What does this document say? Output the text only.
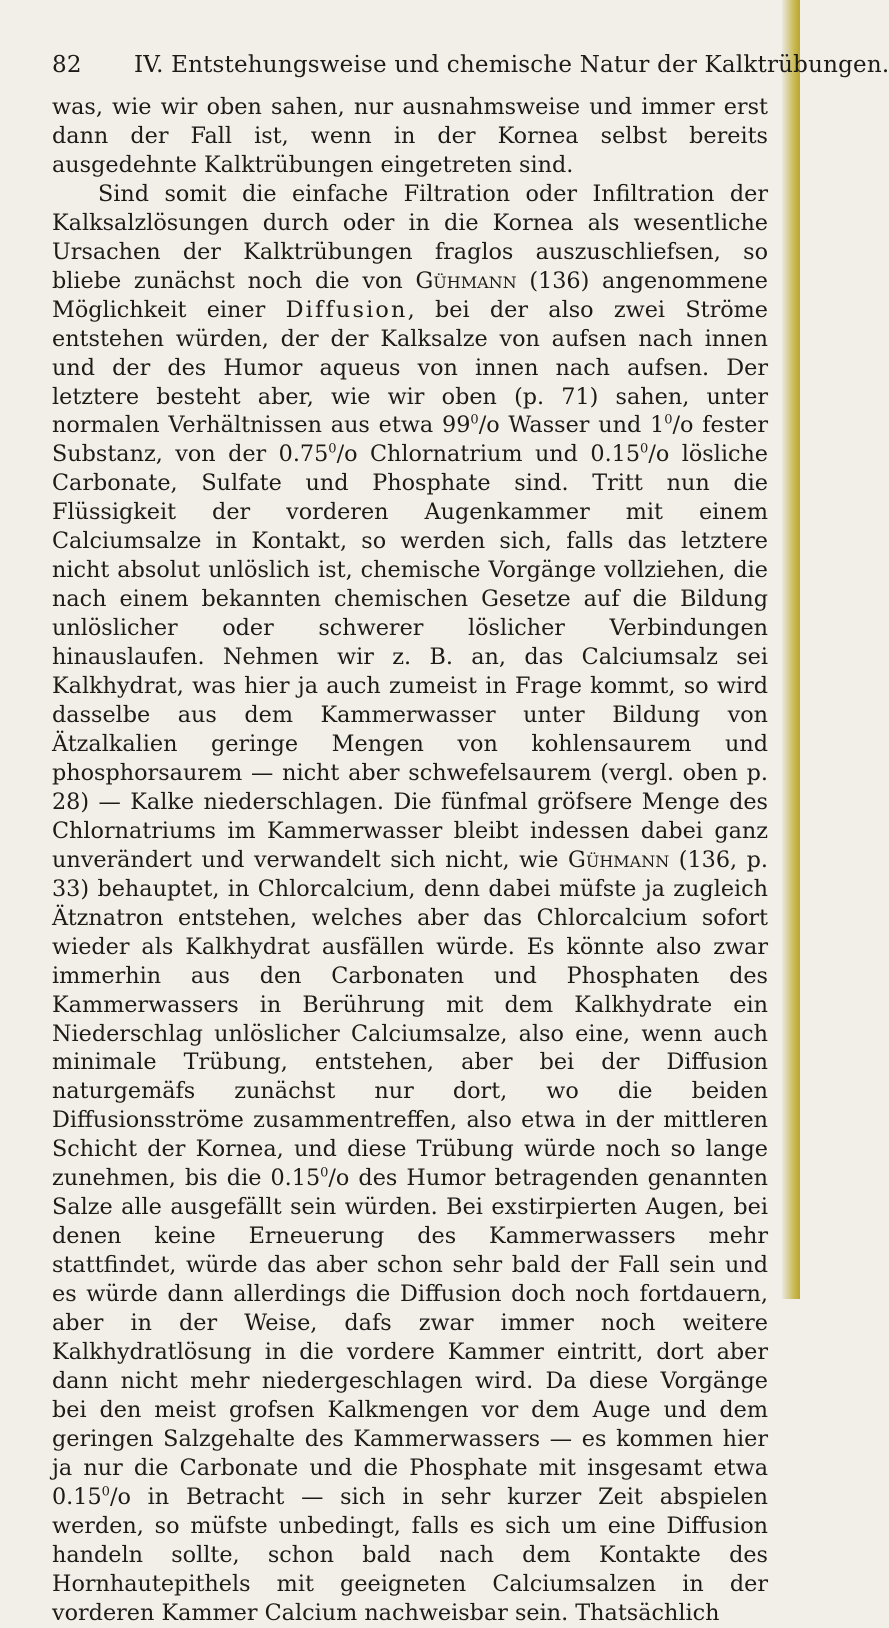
82 IV. Entstehungsweise und chemische Natur der Kalktrübungen.

was, wie wir oben sahen, nur ausnahmsweise und immer erst dann der Fall ist, wenn in der Kornea selbst bereits ausgedehnte Kalktrübungen eingetreten sind.

Sind somit die einfache Filtration oder Infiltration der Kalksalzlösungen durch oder in die Kornea als wesentliche Ursachen der Kalktrübungen fraglos auszuschliefsen, so bliebe zunächst noch die von Gühmann (136) angenommene Möglichkeit einer Diffusion, bei der also zwei Ströme entstehen würden, der der Kalksalze von aufsen nach innen und der des Humor aqueus von innen nach aufsen. Der letztere besteht aber, wie wir oben (p. 71) sahen, unter normalen Verhältnissen aus etwa $99^0/o$ Wasser und $1^0/o$ fester Substanz, von der 0.75$^0$/o Chlornatrium und 0.15$^0$/o lösliche Carbonate, Sulfate und Phosphate sind. Tritt nun die Flüssigkeit der vorderen Augenkammer mit einem Calciumsalze in Kontakt, so werden sich, falls das letztere nicht absolut unlöslich ist, chemische Vorgänge vollziehen, die nach einem bekannten chemischen Gesetze auf die Bildung unlöslicher oder schwerer löslicher Verbindungen hinauslaufen. Nehmen wir z. B. an, das Calciumsalz sei Kalkhydrat, was hier ja auch zumeist in Frage kommt, so wird dasselbe aus dem Kammerwasser unter Bildung von Ätzalkalien geringe Mengen von kohlensaurem und phosphorsaurem — nicht aber schwefelsaurem (vergl. oben p. 28) — Kalke niederschlagen. Die fünfmal gröfsere Menge des Chlornatriums im Kammerwasser bleibt indessen dabei ganz unverändert und verwandelt sich nicht, wie Gühmann (136, p. 33) behauptet, in Chlorcalcium, denn dabei müfste ja zugleich Ätznatron entstehen, welches aber das Chlorcalcium sofort wieder als Kalkhydrat ausfällen würde. Es könnte also zwar immerhin aus den Carbonaten und Phosphaten des Kammerwassers in Berührung mit dem Kalkhydrate ein Niederschlag unlöslicher Calciumsalze, also eine, wenn auch minimale Trübung, entstehen, aber bei der Diffusion naturgemäfs zunächst nur dort, wo die beiden Diffusionsströme zusammentreffen, also etwa in der mittleren Schicht der Kornea, und diese Trübung würde noch so lange zunehmen, bis die 0.15$^0$/o des Humor betragenden genannten Salze alle ausgefällt sein würden. Bei exstirpierten Augen, bei denen keine Erneuerung des Kammerwassers mehr stattfindet, würde das aber schon sehr bald der Fall sein und es würde dann allerdings die Diffusion doch noch fortdauern, aber in der Weise, dafs zwar immer noch weitere Kalkhydratlösung in die vordere Kammer eintritt, dort aber dann nicht mehr niedergeschlagen wird. Da diese Vorgänge bei den meist grofsen Kalkmengen vor dem Auge und dem geringen Salzgehalte des Kammerwassers — es kommen hier ja nur die Carbonate und die Phosphate mit insgesamt etwa 0.15$^0$/o in Betracht — sich in sehr kurzer Zeit abspielen werden, so müfste unbedingt, falls es sich um eine Diffusion handeln sollte, schon bald nach dem Kontakte des Hornhautepithels mit geeigneten Calciumsalzen in der vorderen Kammer Calcium nachweisbar sein. Thatsächlich
